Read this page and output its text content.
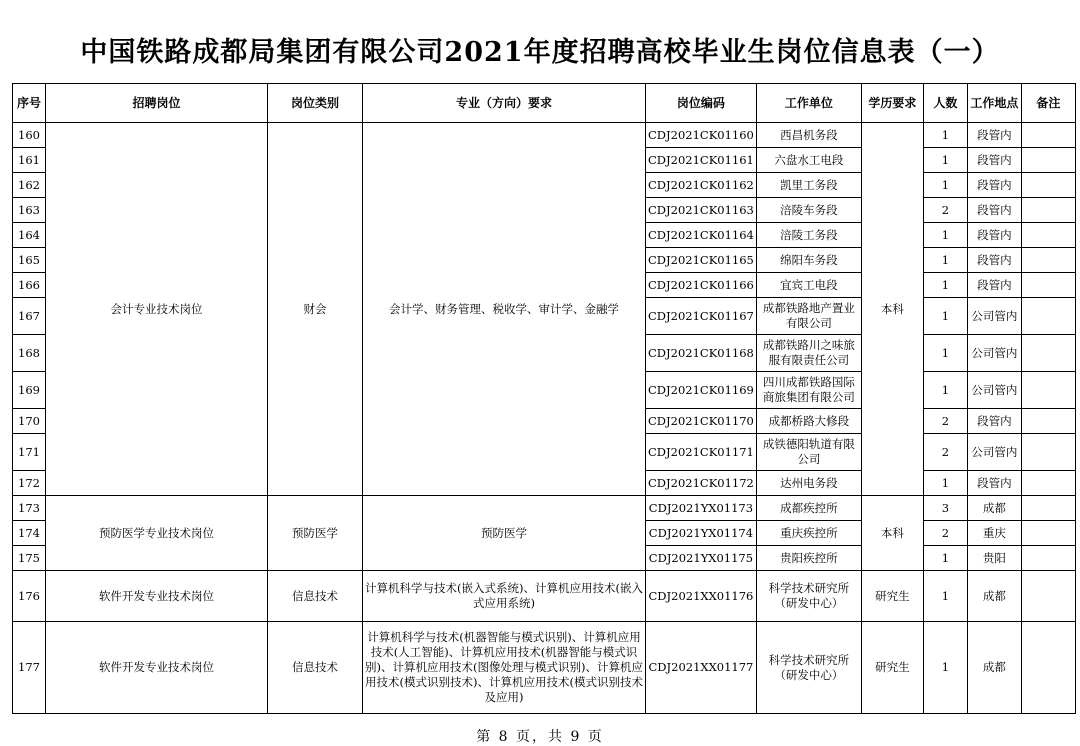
中国铁路成都局集团有限公司2021年度招聘高校毕业生岗位信息表（一）
序号	招聘岗位	岗位类别	专业（方向）要求	岗位编码	工作单位	学历要求	人数	工作地点	备注
160	会计专业技术岗位	财会	会计学、财务管理、税收学、审计学、金融学	CDJ2021CK01160	西昌机务段	本科	1	段管内	
161				CDJ2021CK01161	六盘水工电段		1	段管内	
162				CDJ2021CK01162	凯里工务段		1	段管内	
163				CDJ2021CK01163	涪陵车务段		2	段管内	
164				CDJ2021CK01164	涪陵工务段		1	段管内	
165				CDJ2021CK01165	绵阳车务段		1	段管内	
166				CDJ2021CK01166	宜宾工电段		1	段管内	
167				CDJ2021CK01167	成都铁路地产置业有限公司		1	公司管内	
168				CDJ2021CK01168	成都铁路川之味旅服有限责任公司		1	公司管内	
169				CDJ2021CK01169	四川成都铁路国际商旅集团有限公司		1	公司管内	
170				CDJ2021CK01170	成都桥路大修段		2	段管内	
171				CDJ2021CK01171	成铁德阳轨道有限公司		2	公司管内	
172				CDJ2021CK01172	达州电务段		1	段管内	
173	预防医学专业技术岗位	预防医学	预防医学	CDJ2021YX01173	成都疾控所	本科	3	成都	
174				CDJ2021YX01174	重庆疾控所		2	重庆	
175				CDJ2021YX01175	贵阳疾控所		1	贵阳	
176	软件开发专业技术岗位	信息技术	计算机科学与技术(嵌入式系统)、计算机应用技术(嵌入式应用系统)	CDJ2021XX01176	科学技术研究所（研发中心）	研究生	1	成都	
177	软件开发专业技术岗位	信息技术	计算机科学与技术(机器智能与模式识别)、计算机应用技术(人工智能)、计算机应用技术(机器智能与模式识别)、计算机应用技术(图像处理与模式识别)、计算机应用技术(模式识别技术)、计算机应用技术(模式识别技术及应用)	CDJ2021XX01177	科学技术研究所（研发中心）	研究生	1	成都	
第 8 页，共 9 页
